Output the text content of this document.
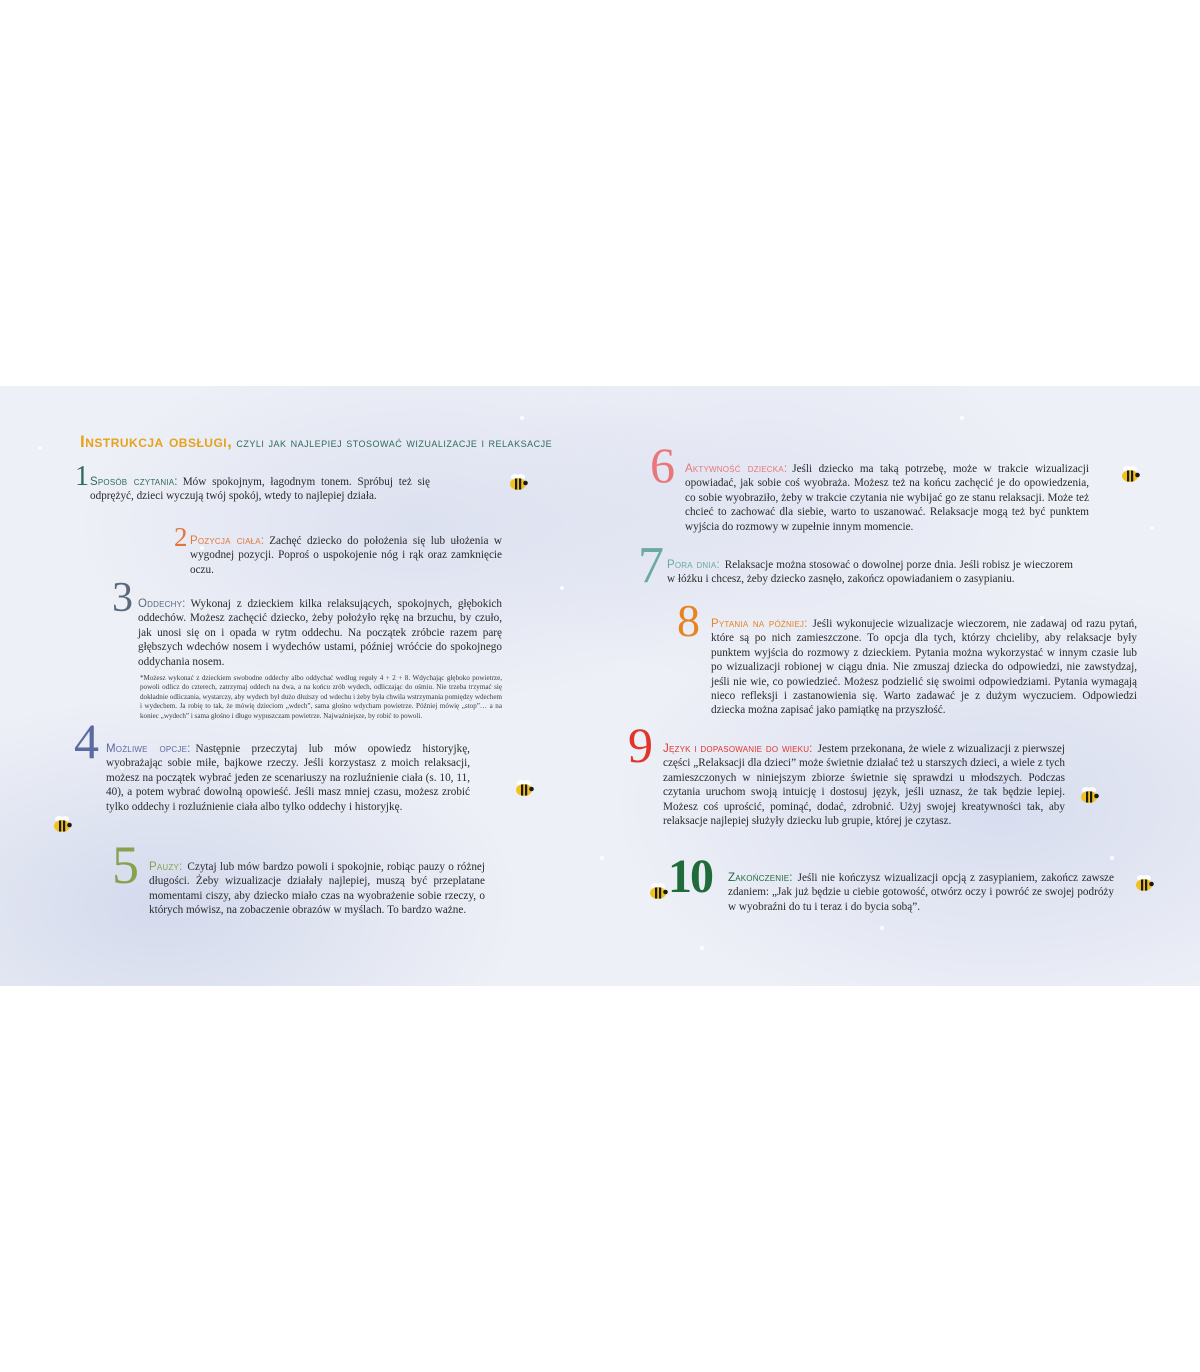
Instrukcja obsługi, czyli jak najlepiej stosować wizualizacje i relaksacje
1 Sposób czytania: Mów spokojnym, łagodnym tonem. Spróbuj też się odprężyć, dzieci wyczują twój spokój, wtedy to najlepiej działa.
2 Pozycja ciała: Zachęć dziecko do położenia się lub ułożenia w wygodnej pozycji. Poproś o uspokojenie nóg i rąk oraz zamknięcie oczu.
3 Oddechy: Wykonaj z dzieckiem kilka relaksujących, spokojnych, głębokich oddechów. Możesz zachęcić dziecko, żeby położyło rękę na brzuchu, by czuło, jak unosi się on i opada w rytm oddechu. Na początek zróbcie razem parę głębszych wdechów nosem i wydechów ustami, później wróćcie do spokojnego oddychania nosem.
*Możesz wykonać z dzieckiem swobodne oddechy albo oddychać według reguły 4 + 2 + 8. Wdychając głęboko powietrze, powoli odlicz do czterech, zatrzymaj oddech na dwa, a na końcu zrób wydech, odliczając do ośmiu. Nie trzeba trzymać się dokładnie odliczania, wystarczy, aby wydech był dużo dłuższy od wdechu i żeby była chwila wstrzymania pomiędzy wdechem i wydechem. Ja robię to tak, że mówię dzieciom „wdech”, sama głośno wdycham powietrze. Później mówię „stop”… a na koniec „wydech” i sama głośno i długo wypuszczam powietrze. Najważniejsze, by robić to powoli.
4 Możliwe opcje: Następnie przeczytaj lub mów opowiedz historyjkę, wyobrażając sobie miłe, bajkowe rzeczy. Jeśli korzystasz z moich relaksacji, możesz na początek wybrać jeden ze scenariuszy na rozluźnienie ciała (s. 10, 11, 40), a potem wybrać dowolną opowieść. Jeśli masz mniej czasu, możesz zrobić tylko oddechy i rozluźnienie ciała albo tylko oddechy i historyjkę.
5 Pauzy: Czytaj lub mów bardzo powoli i spokojnie, robiąc pauzy o różnej długości. Żeby wizualizacje działały najlepiej, muszą być przeplatane momentami ciszy, aby dziecko miało czas na wyobrażenie sobie rzeczy, o których mówisz, na zobaczenie obrazów w myślach. To bardzo ważne.
6 Aktywność dziecka: Jeśli dziecko ma taką potrzebę, może w trakcie wizualizacji opowiadać, jak sobie coś wyobraża. Możesz też na końcu zachęcić je do opowiedzenia, co sobie wyobraziło, żeby w trakcie czytania nie wybijać go ze stanu relaksacji. Może też chcieć to zachować dla siebie, warto to uszanować. Relaksacje mogą też być punktem wyjścia do rozmowy w zupełnie innym momencie.
7 Pora dnia: Relaksacje można stosować o dowolnej porze dnia. Jeśli robisz je wieczorem w łóżku i chcesz, żeby dziecko zasnęło, zakończ opowiadaniem o zasypianiu.
8 Pytania na później: Jeśli wykonujecie wizualizacje wieczorem, nie zadawaj od razu pytań, które są po nich zamieszczone. To opcja dla tych, którzy chcieliby, aby relaksacje były punktem wyjścia do rozmowy z dzieckiem. Pytania można wykorzystać w innym czasie lub po wizualizacji robionej w ciągu dnia. Nie zmuszaj dziecka do odpowiedzi, nie zawstydzaj, jeśli nie wie, co powiedzieć. Możesz podzielić się swoimi odpowiedziami. Pytania wymagają nieco refleksji i zastanowienia się. Warto zadawać je z dużym wyczuciem. Odpowiedzi dziecka można zapisać jako pamiątkę na przyszłość.
9 Język i dopasowanie do wieku: Jestem przekonana, że wiele z wizualizacji z pierwszej części „Relaksacji dla dzieci” może świetnie działać też u starszych dzieci, a wiele z tych zamieszczonych w niniejszym zbiorze świetnie się sprawdzi u młodszych. Podczas czytania uruchom swoją intuicję i dostosuj język, jeśli uznasz, że tak będzie lepiej. Możesz coś uprościć, pominąć, dodać, zdrobnić. Użyj swojej kreatywności tak, aby relaksacje najlepiej służyły dziecku lub grupie, której je czytasz.
10 Zakończenie: Jeśli nie kończysz wizualizacji opcją z zasypianiem, zakończ zawsze zdaniem: „Jak już będzie u ciebie gotowość, otwórz oczy i powróć ze swojej podróży w wyobraźni do tu i teraz i do bycia sobą”.
